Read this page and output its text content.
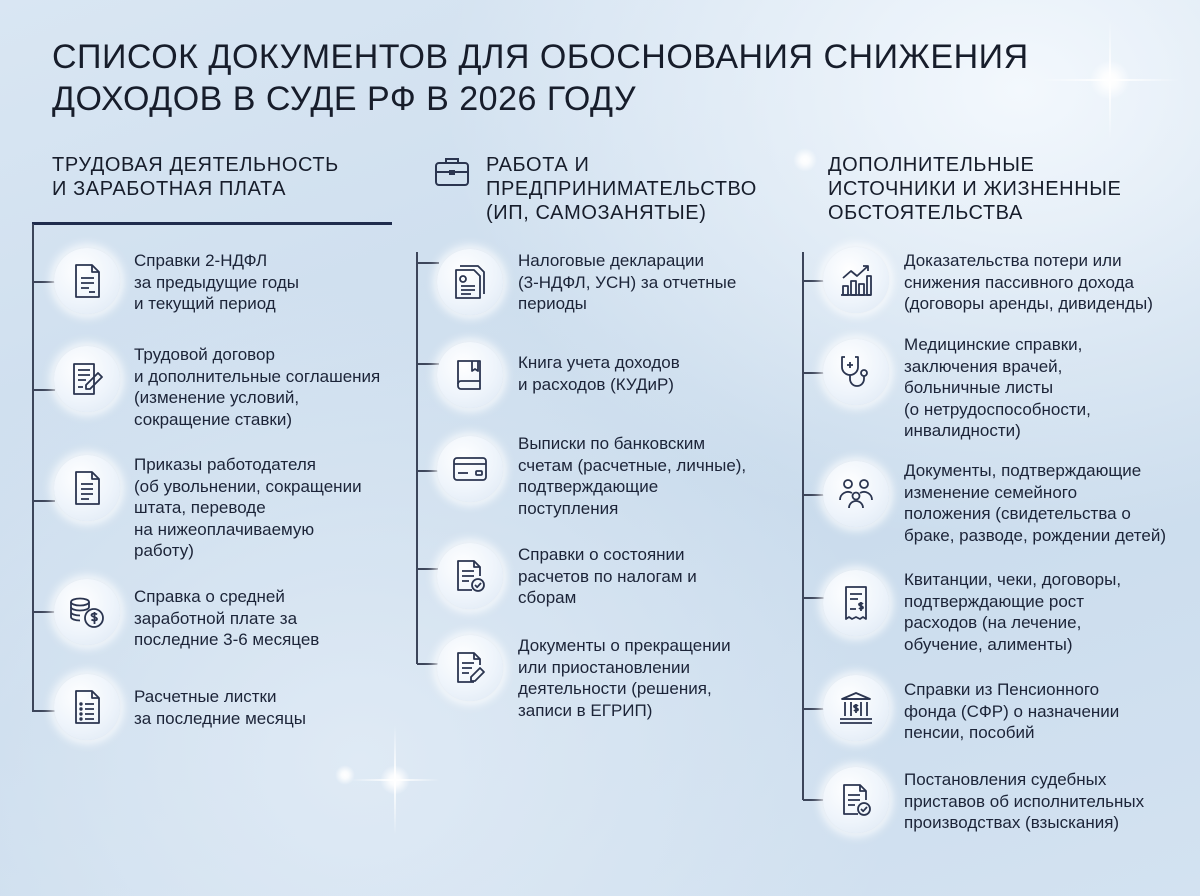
СПИСОК ДОКУМЕНТОВ ДЛЯ ОБОСНОВАНИЯ СНИЖЕНИЯ
ДОХОДОВ В СУДЕ РФ В 2026 ГОДУ
ТРУДОВАЯ ДЕЯТЕЛЬНОСТЬ
И ЗАРАБОТНАЯ ПЛАТА
РАБОТА И
ПРЕДПРИНИМАТЕЛЬСТВО
(ИП, САМОЗАНЯТЫЕ)
ДОПОЛНИТЕЛЬНЫЕ
ИСТОЧНИКИ И ЖИЗНЕННЫЕ
ОБСТОЯТЕЛЬСТВА

Справки 2-НДФЛ
за предыдущие годы
и текущий период

Трудовой договор
и дополнительные соглашения
(изменение условий,
сокращение ставки)

Приказы работодателя
(об увольнении, сокращении
штата, переводе
на нижеоплачиваемую
работу)

Справка о средней
заработной плате за
последние 3-6 месяцев

Расчетные листки
за последние месяцы

Налоговые декларации
(3-НДФЛ, УСН) за отчетные
периоды

Книга учета доходов
и расходов (КУДиР)

Выписки по банковским
счетам (расчетные, личные),
подтверждающие
поступления

Справки о состоянии
расчетов по налогам и
сборам

Документы о прекращении
или приостановлении
деятельности (решения,
записи в ЕГРИП)

Доказательства потери или
снижения пассивного дохода
(договоры аренды, дивиденды)

Медицинские справки,
заключения врачей,
больничные листы
(о нетрудоспособности,
инвалидности)

Документы, подтверждающие
изменение семейного
положения (свидетельства о
браке, разводе, рождении детей)

Квитанции, чеки, договоры,
подтверждающие рост
расходов (на лечение,
обучение, алименты)

Справки из Пенсионного
фонда (СФР) о назначении
пенсии, пособий

Постановления судебных
приставов об исполнительных
производствах (взыскания)
